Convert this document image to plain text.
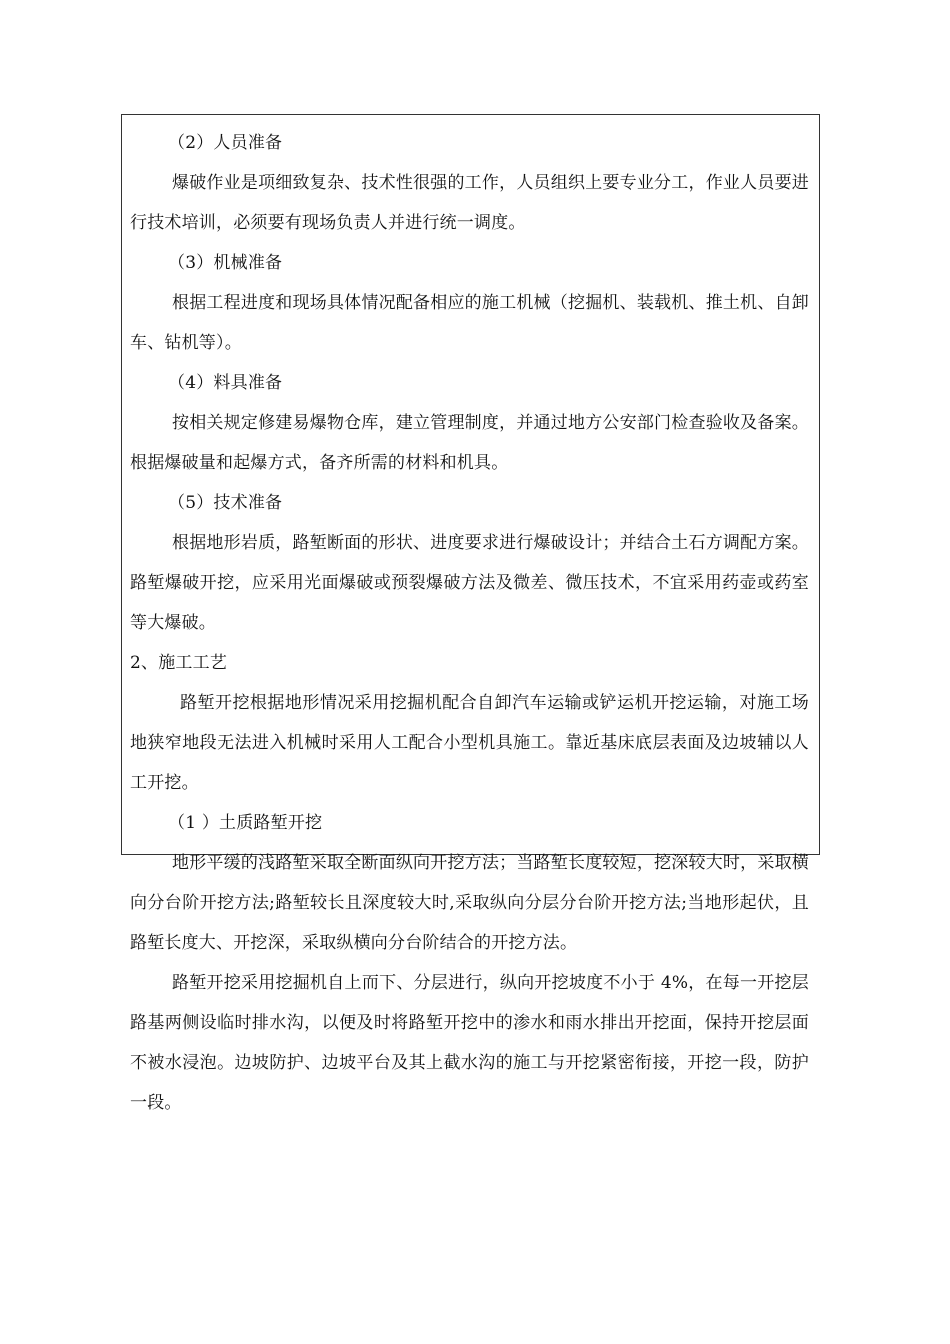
（2）人员准备

爆破作业是项细致复杂、技术性很强的工作，人员组织上要专业分工，作业人员要进行技术培训，必须要有现场负责人并进行统一调度。

（3）机械准备

根据工程进度和现场具体情况配备相应的施工机械（挖掘机、装载机、推土机、自卸车、钻机等）。

（4）料具准备

按相关规定修建易爆物仓库，建立管理制度，并通过地方公安部门检查验收及备案。根据爆破量和起爆方式，备齐所需的材料和机具。

（5）技术准备

根据地形岩质，路堑断面的形状、进度要求进行爆破设计；并结合土石方调配方案。路堑爆破开挖，应采用光面爆破或预裂爆破方法及微差、微压技术，不宜采用药壶或药室等大爆破。

2、施工工艺

路堑开挖根据地形情况采用挖掘机配合自卸汽车运输或铲运机开挖运输，对施工场地狭窄地段无法进入机械时采用人工配合小型机具施工。靠近基床底层表面及边坡辅以人工开挖。

（1 ）土质路堑开挖

地形平缓的浅路堑采取全断面纵向开挖方法；当路堑长度较短，挖深较大时，采取横向分台阶开挖方法;路堑较长且深度较大时,采取纵向分层分台阶开挖方法;当地形起伏，且路堑长度大、开挖深，采取纵横向分台阶结合的开挖方法。

路堑开挖采用挖掘机自上而下、分层进行，纵向开挖坡度不小于 4%，在每一开挖层路基两侧设临时排水沟，以便及时将路堑开挖中的渗水和雨水排出开挖面，保持开挖层面不被水浸泡。边坡防护、边坡平台及其上截水沟的施工与开挖紧密衔接，开挖一段，防护一段。
